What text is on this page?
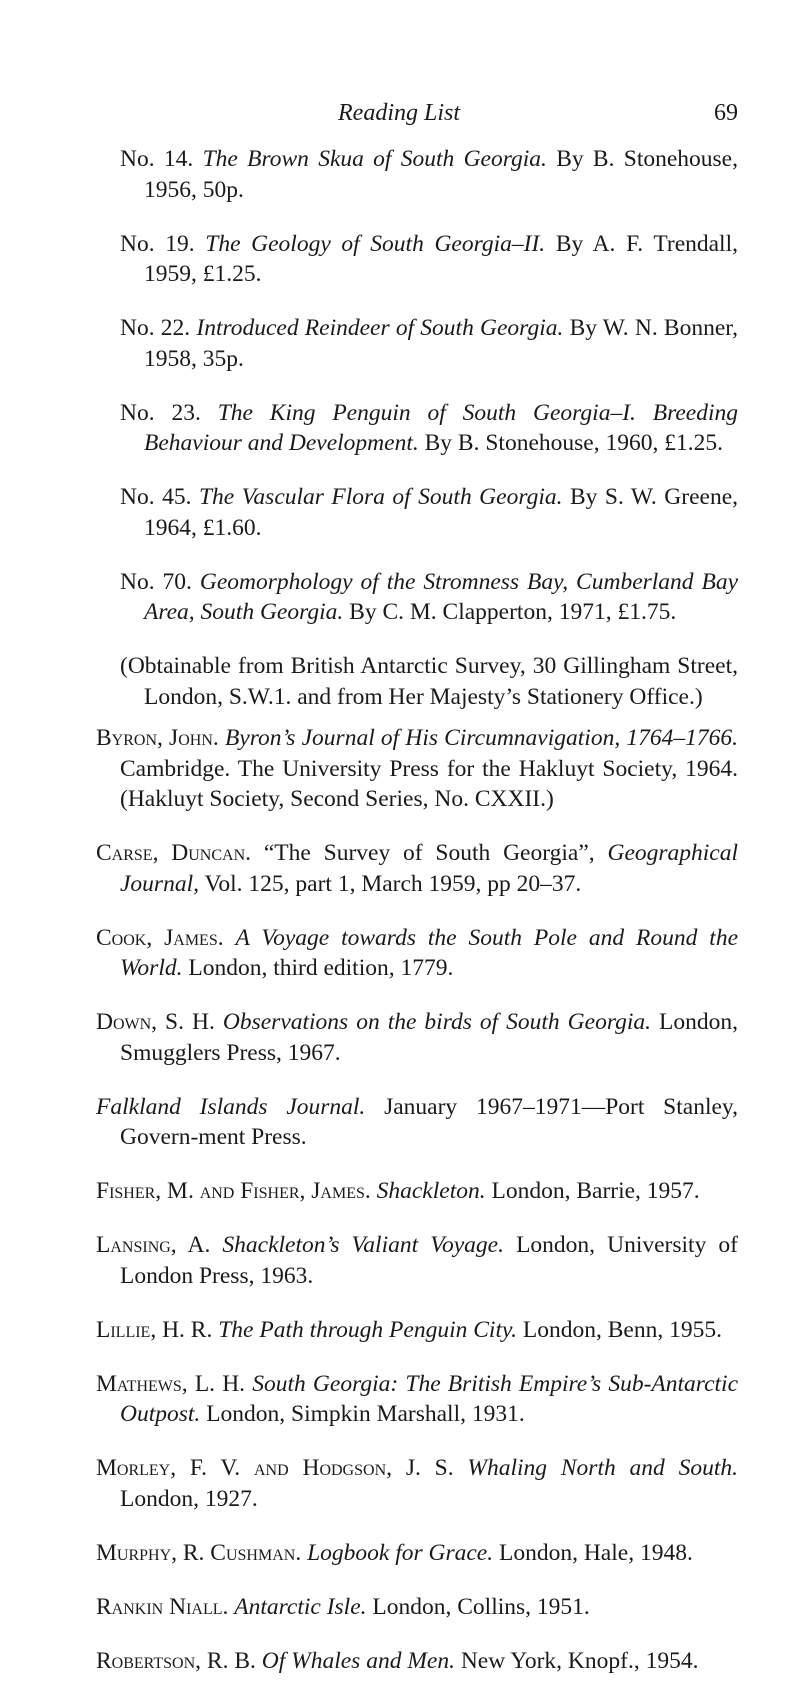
Reading List	69

No. 14. The Brown Skua of South Georgia. By B. Stonehouse, 1956, 50p.

No. 19. The Geology of South Georgia–II. By A. F. Trendall, 1959, £1.25.

No. 22. Introduced Reindeer of South Georgia. By W. N. Bonner, 1958, 35p.

No. 23. The King Penguin of South Georgia–I. Breeding Behaviour and Development. By B. Stonehouse, 1960, £1.25.

No. 45. The Vascular Flora of South Georgia. By S. W. Greene, 1964, £1.60.

No. 70. Geomorphology of the Stromness Bay, Cumberland Bay Area, South Georgia. By C. M. Clapperton, 1971, £1.75.

(Obtainable from British Antarctic Survey, 30 Gillingham Street, London, S.W.1. and from Her Majesty’s Stationery Office.)

Byron, John. Byron’s Journal of His Circumnavigation, 1764–1766. Cambridge. The University Press for the Hakluyt Society, 1964. (Hakluyt Society, Second Series, No. CXXII.)

Carse, Duncan. “The Survey of South Georgia”, Geographical Journal, Vol. 125, part 1, March 1959, pp 20–37.

Cook, James. A Voyage towards the South Pole and Round the World. London, third edition, 1779.

Down, S. H. Observations on the birds of South Georgia. London, Smugglers Press, 1967.

Falkland Islands Journal. January 1967–1971—Port Stanley, Govern-ment Press.

Fisher, M. and Fisher, James. Shackleton. London, Barrie, 1957.

Lansing, A. Shackleton’s Valiant Voyage. London, University of London Press, 1963.

Lillie, H. R. The Path through Penguin City. London, Benn, 1955.

Mathews, L. H. South Georgia: The British Empire’s Sub-Antarctic Outpost. London, Simpkin Marshall, 1931.

Morley, F. V. and Hodgson, J. S. Whaling North and South. London, 1927.

Murphy, R. Cushman. Logbook for Grace. London, Hale, 1948.

Rankin Niall. Antarctic Isle. London, Collins, 1951.

Robertson, R. B. Of Whales and Men. New York, Knopf., 1954.
